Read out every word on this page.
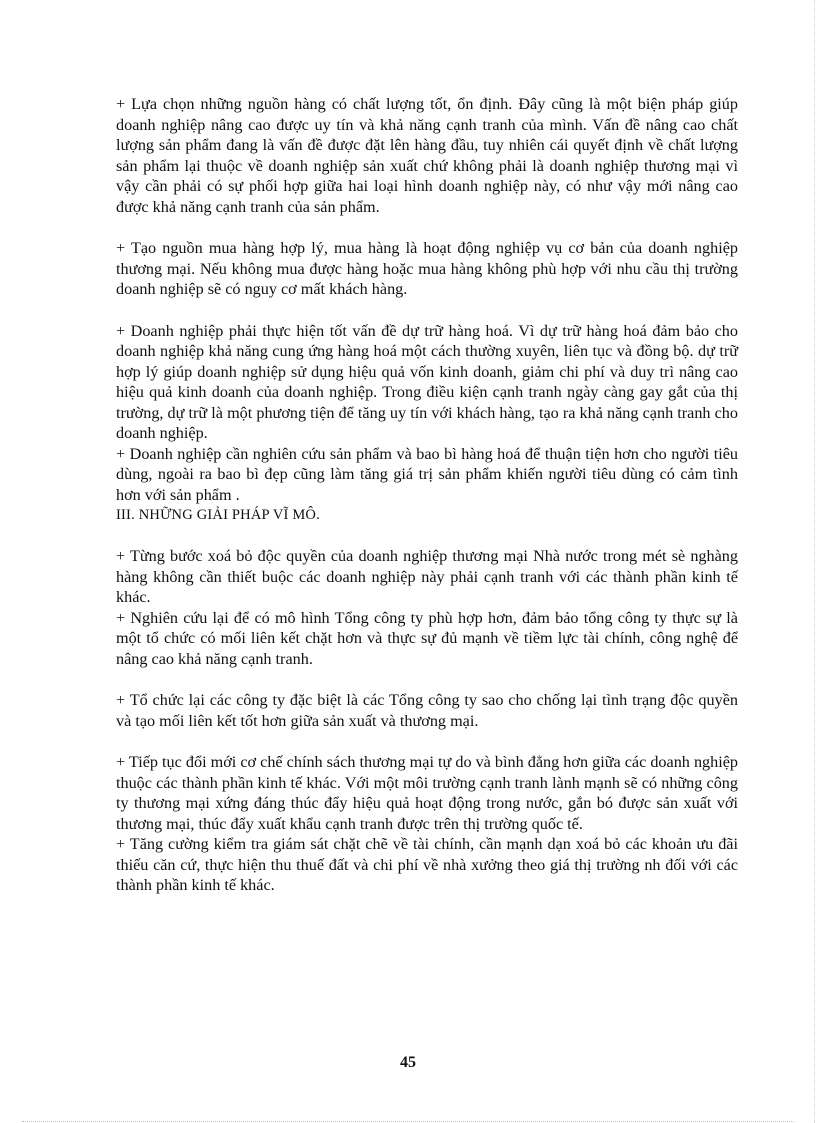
+ Lựa chọn những nguồn hàng có chất lượng tốt, ổn định. Đây cũng là một biện pháp giúp doanh nghiệp nâng cao được uy tín và khả năng cạnh tranh của mình. Vấn đề nâng cao chất lượng sản phẩm đang là vấn đề được đặt lên hàng đầu, tuy nhiên cái quyết định về chất lượng sản phẩm lại thuộc về doanh nghiệp sản xuất chứ không phải là doanh nghiệp thương mại vì vậy cần phải có sự phối hợp giữa hai loại hình doanh nghiệp này, có như vậy mới nâng cao được khả năng cạnh tranh của sản phẩm.

+ Tạo nguồn mua hàng hợp lý, mua hàng là hoạt động nghiệp vụ cơ bản của doanh nghiệp thương mại. Nếu không mua được hàng hoặc mua hàng không phù hợp với nhu cầu thị trường doanh nghiệp sẽ có nguy cơ mất khách hàng.

+ Doanh nghiệp phải thực hiện tốt vấn đề dự trữ hàng hoá. Vì dự trữ hàng hoá đảm bảo cho doanh nghiệp khả năng cung ứng hàng hoá một cách thường xuyên, liên tục và đồng bộ. dự trữ hợp lý giúp doanh nghiệp sử dụng hiệu quả vốn kinh doanh, giảm chi phí và duy trì nâng cao hiệu quả kinh doanh của doanh nghiệp. Trong điều kiện cạnh tranh ngày càng gay gắt của thị trường, dự trữ là một phương tiện để tăng uy tín với khách hàng, tạo ra khả năng cạnh tranh cho doanh nghiệp.

+ Doanh nghiệp cần nghiên cứu sản phẩm và bao bì hàng hoá để thuận tiện hơn cho người tiêu dùng, ngoài ra bao bì đẹp cũng làm tăng giá trị sản phẩm khiến người tiêu dùng có cảm tình hơn với sản phẩm .

III. NHỮNG GIẢI PHÁP VĨ MÔ.

+ Từng bước xoá bỏ độc quyền của doanh nghiệp thương mại Nhà nước trong mét sè nghàng hàng không cần thiết buộc các doanh nghiệp này phải cạnh tranh với các thành phần kinh tế khác.

+ Nghiên cứu lại để có mô hình Tổng công ty phù hợp hơn, đảm bảo tổng công ty thực sự là một tổ chức có mối liên kết chặt hơn và thực sự đủ mạnh về tiềm lực tài chính, công nghệ để nâng cao khả năng cạnh tranh.

+ Tổ chức lại các công ty đặc biệt là các Tổng công ty sao cho chống lại tình trạng độc quyền và tạo mối liên kết tốt hơn giữa sản xuất và thương mại.

+ Tiếp tục đổi mới cơ chế chính sách thương mại tự do và bình đẳng hơn giữa các doanh nghiệp thuộc các thành phần kinh tế khác. Với một môi trường cạnh tranh lành mạnh sẽ có những công ty thương mại xứng đáng thúc đẩy hiệu quả hoạt động trong nước, gắn bó được sản xuất với thương mại, thúc đẩy xuất khẩu cạnh tranh được trên thị trường quốc tế.

+ Tăng cường kiểm tra giám sát chặt chẽ về tài chính, cần mạnh dạn xoá bỏ các khoản ưu đãi thiếu căn cứ, thực hiện thu thuế đất và chi phí về nhà xưởng theo giá thị trường nh đối với các thành phần kinh tế khác.

45
